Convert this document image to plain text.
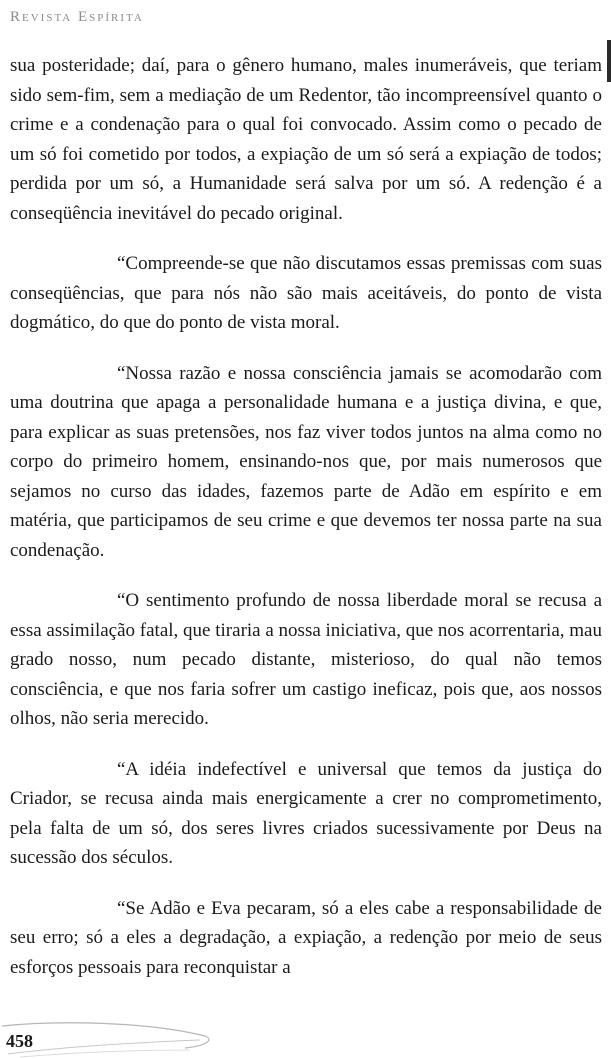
Revista Espírita

sua posteridade; daí, para o gênero humano, males inumeráveis, que teriam sido sem-fim, sem a mediação de um Redentor, tão incompreensível quanto o crime e a condenação para o qual foi convocado. Assim como o pecado de um só foi cometido por todos, a expiação de um só será a expiação de todos; perdida por um só, a Humanidade será salva por um só. A redenção é a conseqüência inevitável do pecado original.

“Compreende-se que não discutamos essas premissas com suas conseqüências, que para nós não são mais aceitáveis, do ponto de vista dogmático, do que do ponto de vista moral.

“Nossa razão e nossa consciência jamais se acomodarão com uma doutrina que apaga a personalidade humana e a justiça divina, e que, para explicar as suas pretensões, nos faz viver todos juntos na alma como no corpo do primeiro homem, ensinando-nos que, por mais numerosos que sejamos no curso das idades, fazemos parte de Adão em espírito e em matéria, que participamos de seu crime e que devemos ter nossa parte na sua condenação.

“O sentimento profundo de nossa liberdade moral se recusa a essa assimilação fatal, que tiraria a nossa iniciativa, que nos acorrentaria, mau grado nosso, num pecado distante, misterioso, do qual não temos consciência, e que nos faria sofrer um castigo ineficaz, pois que, aos nossos olhos, não seria merecido.

“A idéia indefectível e universal que temos da justiça do Criador, se recusa ainda mais energicamente a crer no comprometimento, pela falta de um só, dos seres livres criados sucessivamente por Deus na sucessão dos séculos.

“Se Adão e Eva pecaram, só a eles cabe a responsabilidade de seu erro; só a eles a degradação, a expiação, a redenção por meio de seus esforços pessoais para reconquistar a

458
